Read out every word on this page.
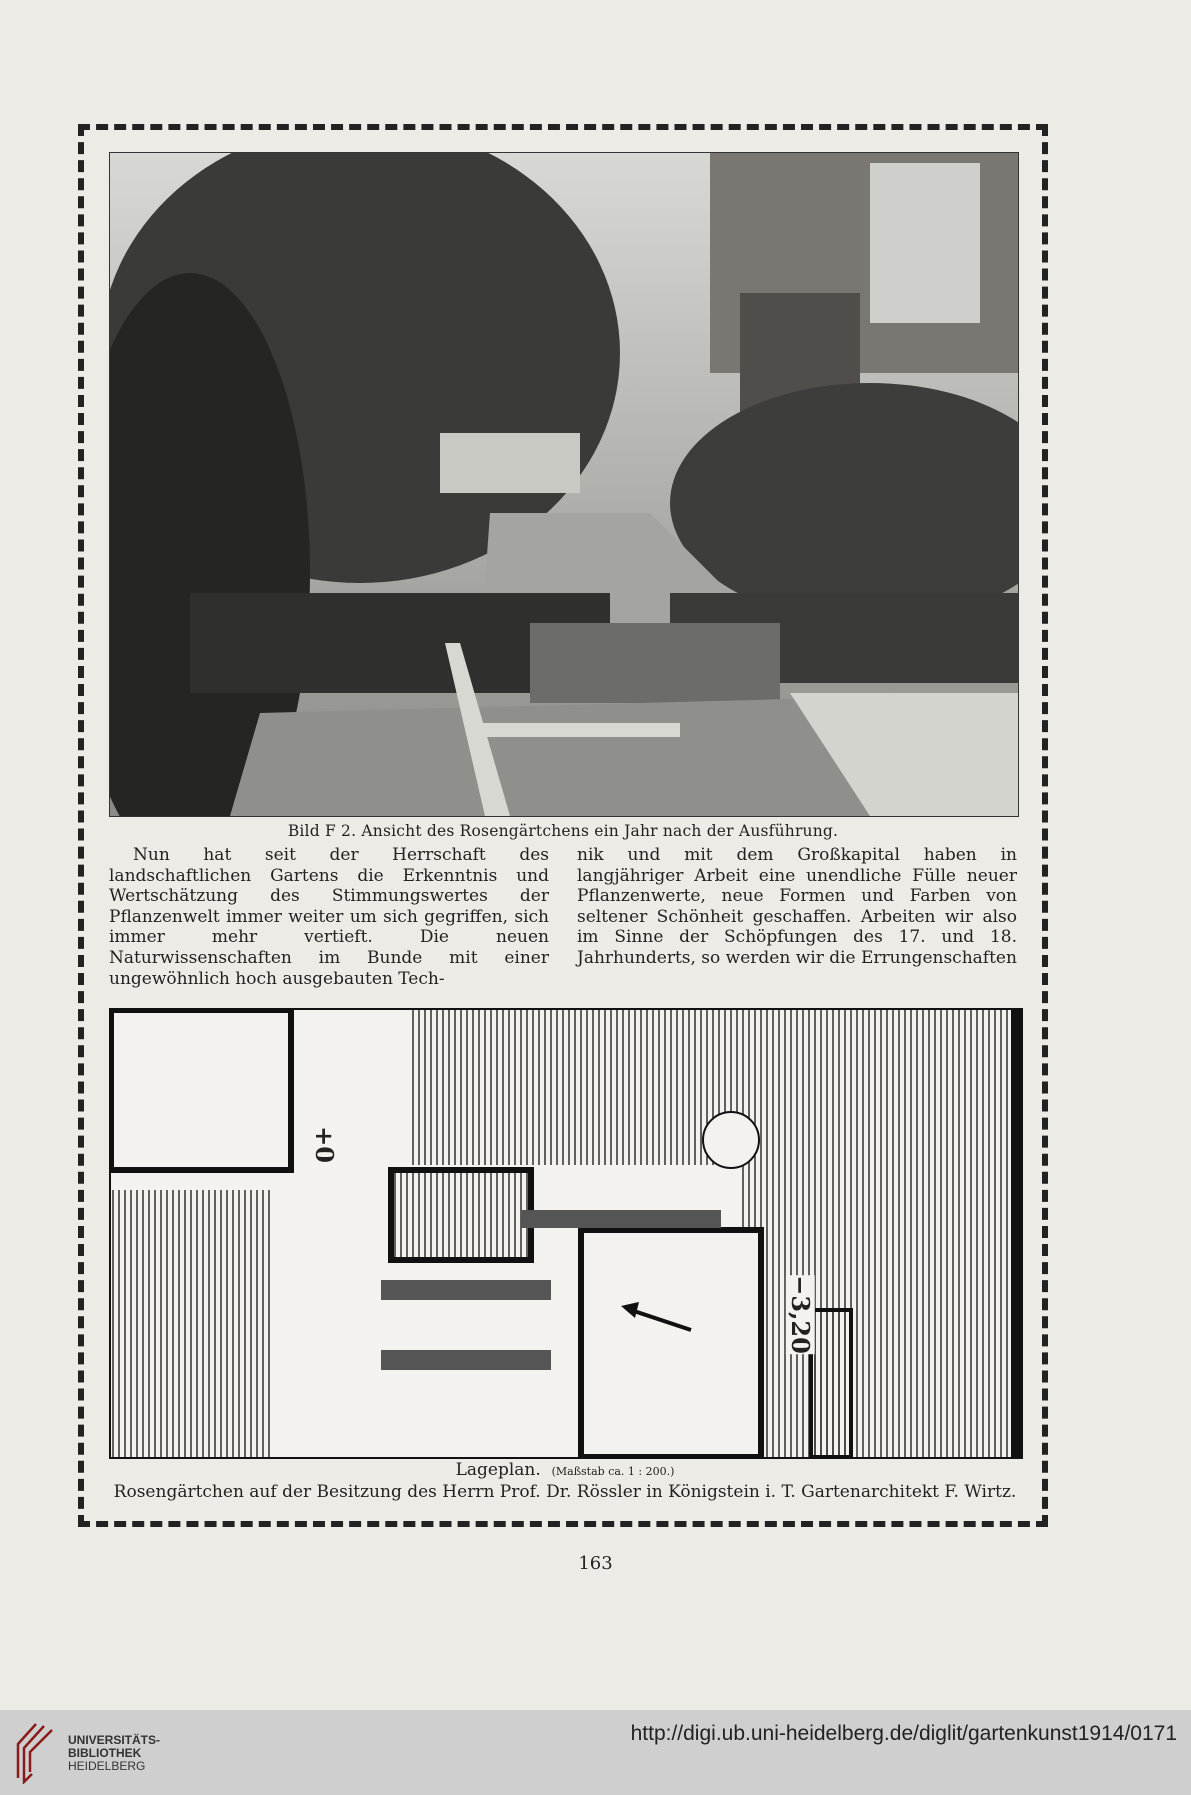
Bild F 2. Ansicht des Rosengärtchens ein Jahr nach der Ausführung.

Nun hat seit der Herrschaft des landschaftlichen Gartens die Erkenntnis und Wertschätzung des Stimmungswertes der Pflanzenwelt immer weiter um sich gegriffen, sich immer mehr vertieft. Die neuen Naturwissenschaften im Bunde mit einer ungewöhnlich hoch ausgebauten Tech-

nik und mit dem Großkapital haben in langjähriger Arbeit eine unendliche Fülle neuer Pflanzenwerte, neue Formen und Farben von seltener Schönheit geschaffen. Arbeiten wir also im Sinne der Schöpfungen des 17. und 18. Jahrhunderts, so werden wir die Errungenschaften

+0
−3,20
Lageplan. (Maßstab ca. 1 : 200.)
Rosengärtchen auf der Besitzung des Herrn Prof. Dr. Rössler in Königstein i. T. Gartenarchitekt F. Wirtz.
163
UNIVERSITÄTS-
BIBLIOTHEK
HEIDELBERG
http://digi.ub.uni-heidelberg.de/diglit/gartenkunst1914/0171
